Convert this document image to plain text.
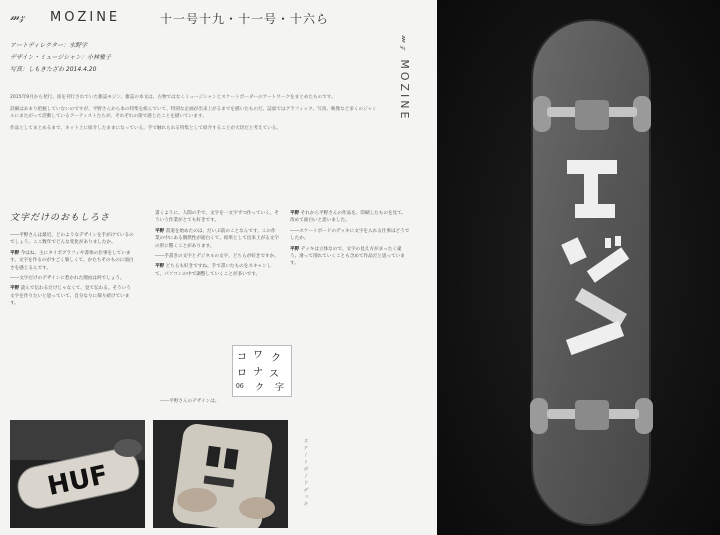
𝓂𝓏 MOZINE	十一号十九・十一号・十六ら
アートディレクター：水野学
デザイン・ミュージシャン：小林雅子
写真：しもきたざわ 2014.4.20
𝓂𝓏 MOZINE

2015年9月から発行。皿を刊行されていた雑誌モジン。雑誌の本文は、古物ではなくミュージシャンとスケートボーダーのアートワークをまとめたものです。

詳細はあまり把握していないのですが、平野さんから本の特集を組んでいて、特別な企画が出来上がるまでを描いたものだ。誌面ではグラフィック、写真、映像など多くのジャンルにまたがって活動しているアーティストたちが、それぞれの街で感じたことを描いています。

作品としてまとめるまで、ネット上に紹介したままになっている。手で触れられる特集として紹介することが大切だと考えている。

文字だけのおもしろさ

――平野さんは最近、どのようなデザインを手がけているのでしょう。ここ数年でどんな変化がありましたか。

平野 今はね、主にタイポグラフィや書体の仕事をしています。文字を作るのがすごく楽しくて、かたちそのものに面白さを感じるんです。

――文字だけのデザインに惹かれた理由は何でしょう。

平野 読んで伝わるだけじゃなくて、見て伝わる。そういう文字を作りたいと思っていて、自分なりに探り続けています。

書くように、人間の手で、文字を一文字ずつ作っていく。そういう作業がとても好きです。

平野 書道を始めたのは、だいぶ前のことなんです。この作業の中にある偶然性が面白くて、結果として出来上がる文字の形に驚くことがあります。

――手書きの文字とデジタルの文字、どちらが好きですか。

平野 どちらも好きですね。手で書いたものをスキャンして、パソコンの中で調整していくことが多いです。

平野 それから平野さんの作品を、印刷したものを見て、改めて面白いと思いました。

――スケートボードのデッキに文字を入れる仕事はどうでしたか。

平野 デッキは立体なので、文字の見え方がまったく違う。滑って削れていくことも含めて作品だと思っています。

コ ワ ク
ロ ナ ス
字
ク
06
――平野さんのデザインは。
HUF	スケートボードデッキ
ト ジン
